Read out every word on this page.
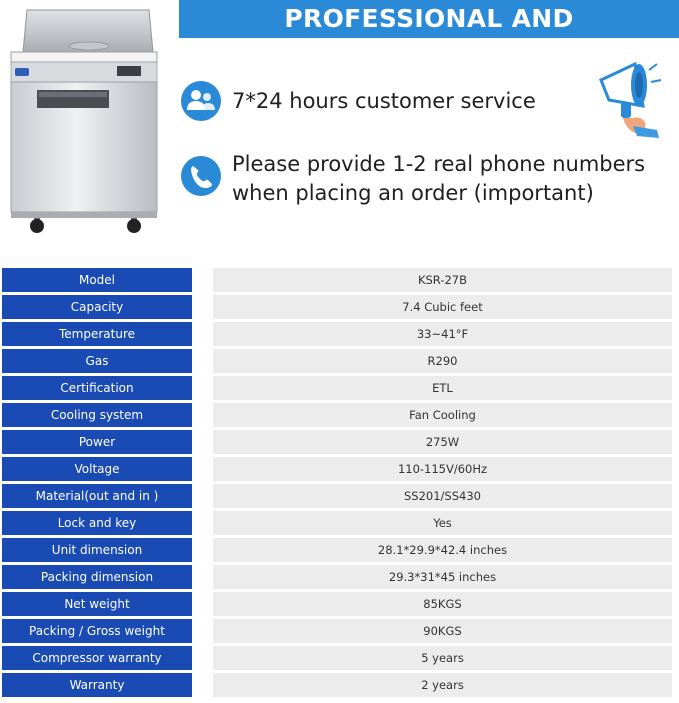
PROFESSIONAL AND TRUSTWORTHY
7*24 hours customer service
Please provide 1-2 real phone numbers when placing an order (important)
Model	KSR-27B
Capacity	7.4 Cubic feet
Temperature	33~41°F
Gas	R290
Certification	ETL
Cooling system	Fan Cooling
Power	275W
Voltage	110-115V/60Hz
Material(out and in )	SS201/SS430
Lock and key	Yes
Unit dimension	28.1*29.9*42.4 inches
Packing dimension	29.3*31*45 inches
Net weight	85KGS
Packing / Gross weight	90KGS
Compressor warranty	5 years
Warranty	2 years
